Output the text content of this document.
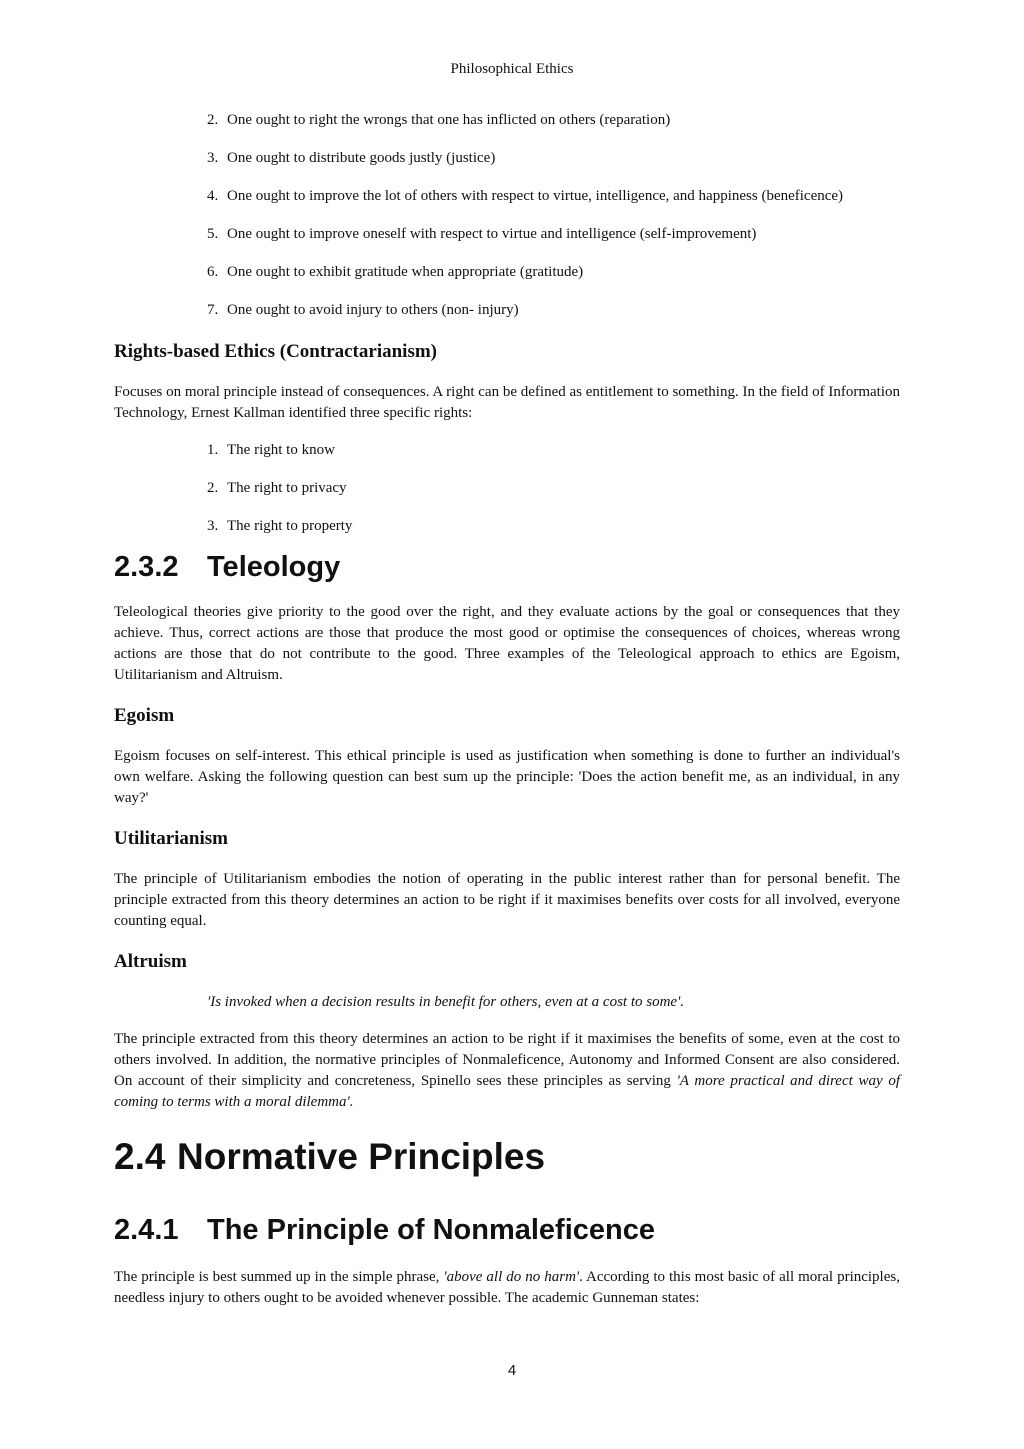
Philosophical Ethics
2. One ought to right the wrongs that one has inflicted on others (reparation)
3. One ought to distribute goods justly (justice)
4. One ought to improve the lot of others with respect to virtue, intelligence, and happiness (beneficence)
5. One ought to improve oneself with respect to virtue and intelligence (self-improvement)
6. One ought to exhibit gratitude when appropriate (gratitude)
7. One ought to avoid injury to others (non- injury)
Rights-based Ethics (Contractarianism)

Focuses on moral principle instead of consequences. A right can be defined as entitlement to something. In the field of Information Technology, Ernest Kallman identified three specific rights:

1. The right to know
2. The right to privacy
3. The right to property
2.3.2 Teleology

Teleological theories give priority to the good over the right, and they evaluate actions by the goal or consequences that they achieve. Thus, correct actions are those that produce the most good or optimise the consequences of choices, whereas wrong actions are those that do not contribute to the good. Three examples of the Teleological approach to ethics are Egoism, Utilitarianism and Altruism.

Egoism

Egoism focuses on self-interest. This ethical principle is used as justification when something is done to further an individual's own welfare. Asking the following question can best sum up the principle: 'Does the action benefit me, as an individual, in any way?'

Utilitarianism

The principle of Utilitarianism embodies the notion of operating in the public interest rather than for personal benefit. The principle extracted from this theory determines an action to be right if it maximises benefits over costs for all involved, everyone counting equal.

Altruism
'Is invoked when a decision results in benefit for others, even at a cost to some'.

The principle extracted from this theory determines an action to be right if it maximises the benefits of some, even at the cost to others involved. In addition, the normative principles of Nonmaleficence, Autonomy and Informed Consent are also considered. On account of their simplicity and concreteness, Spinello sees these principles as serving 'A more practical and direct way of coming to terms with a moral dilemma'.

2.4 Normative Principles
2.4.1 The Principle of Nonmaleficence

The principle is best summed up in the simple phrase, 'above all do no harm'. According to this most basic of all moral principles, needless injury to others ought to be avoided whenever possible. The academic Gunneman states:

4
